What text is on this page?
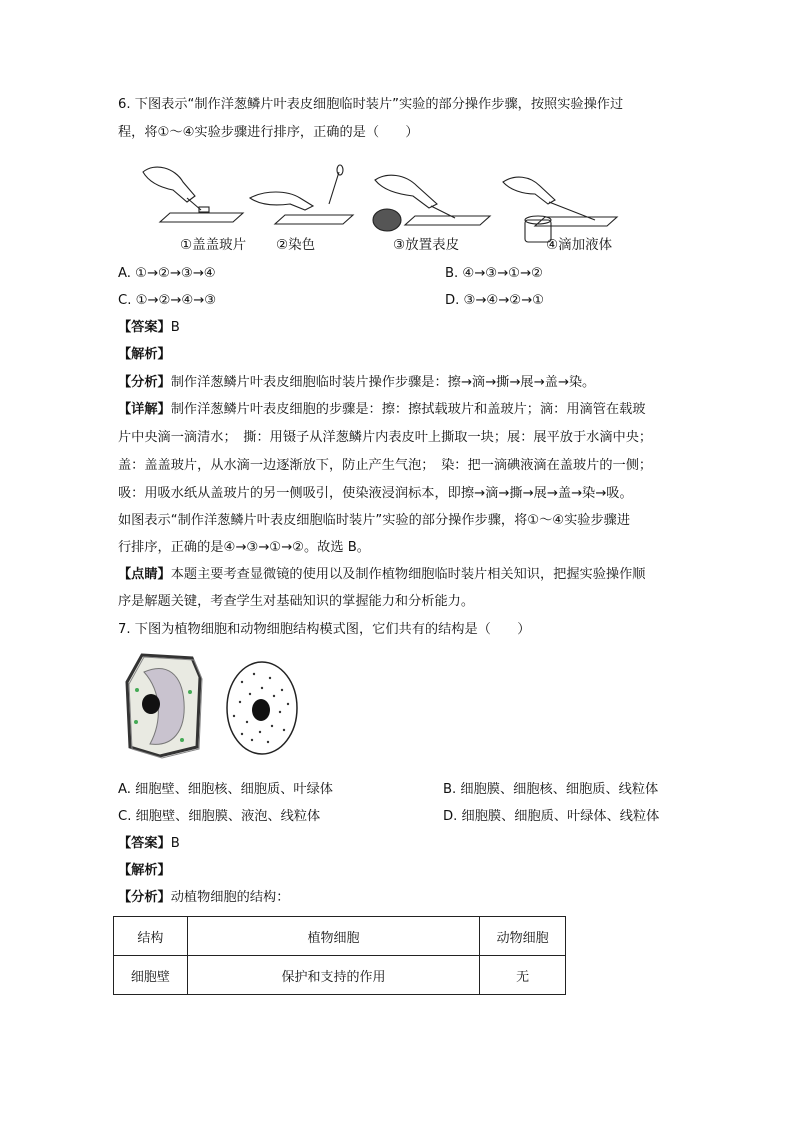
6. 下图表示“制作洋葱鳞片叶表皮细胞临时装片”实验的部分操作步骤，按照实验操作过
程，将①～④实验步骤进行排序，正确的是（　　）
①盖盖玻片 ②染色	③放置表皮	④滴加液体
A. ①→②→③→④	B. ④→③→①→②
C. ①→②→④→③	D. ③→④→②→①
【答案】B
【解析】
【分析】制作洋葱鳞片叶表皮细胞临时装片操作步骤是：擦→滴→撕→展→盖→染。
【详解】制作洋葱鳞片叶表皮细胞的步骤是：擦：擦拭载玻片和盖玻片；滴：用滴管在载玻
片中央滴一滴清水；　撕：用镊子从洋葱鳞片内表皮叶上撕取一块；展：展平放于水滴中央；
盖：盖盖玻片，从水滴一边逐渐放下，防止产生气泡；　染：把一滴碘液滴在盖玻片的一侧；
吸：用吸水纸从盖玻片的另一侧吸引，使染液浸润标本，即擦→滴→撕→展→盖→染→吸。
如图表示“制作洋葱鳞片叶表皮细胞临时装片”实验的部分操作步骤，将①～④实验步骤进
行排序，正确的是④→③→①→②。故选 B。
【点睛】本题主要考查显微镜的使用以及制作植物细胞临时装片相关知识，把握实验操作顺
序是解题关键，考查学生对基础知识的掌握能力和分析能力。
7. 下图为植物细胞和动物细胞结构模式图，它们共有的结构是（　　）
A. 细胞壁、细胞核、细胞质、叶绿体	B. 细胞膜、细胞核、细胞质、线粒体
C. 细胞壁、细胞膜、液泡、线粒体	D. 细胞膜、细胞质、叶绿体、线粒体
【答案】B
【解析】
【分析】动植物细胞的结构：
结构	植物细胞	动物细胞
细胞壁	保护和支持的作用	无
